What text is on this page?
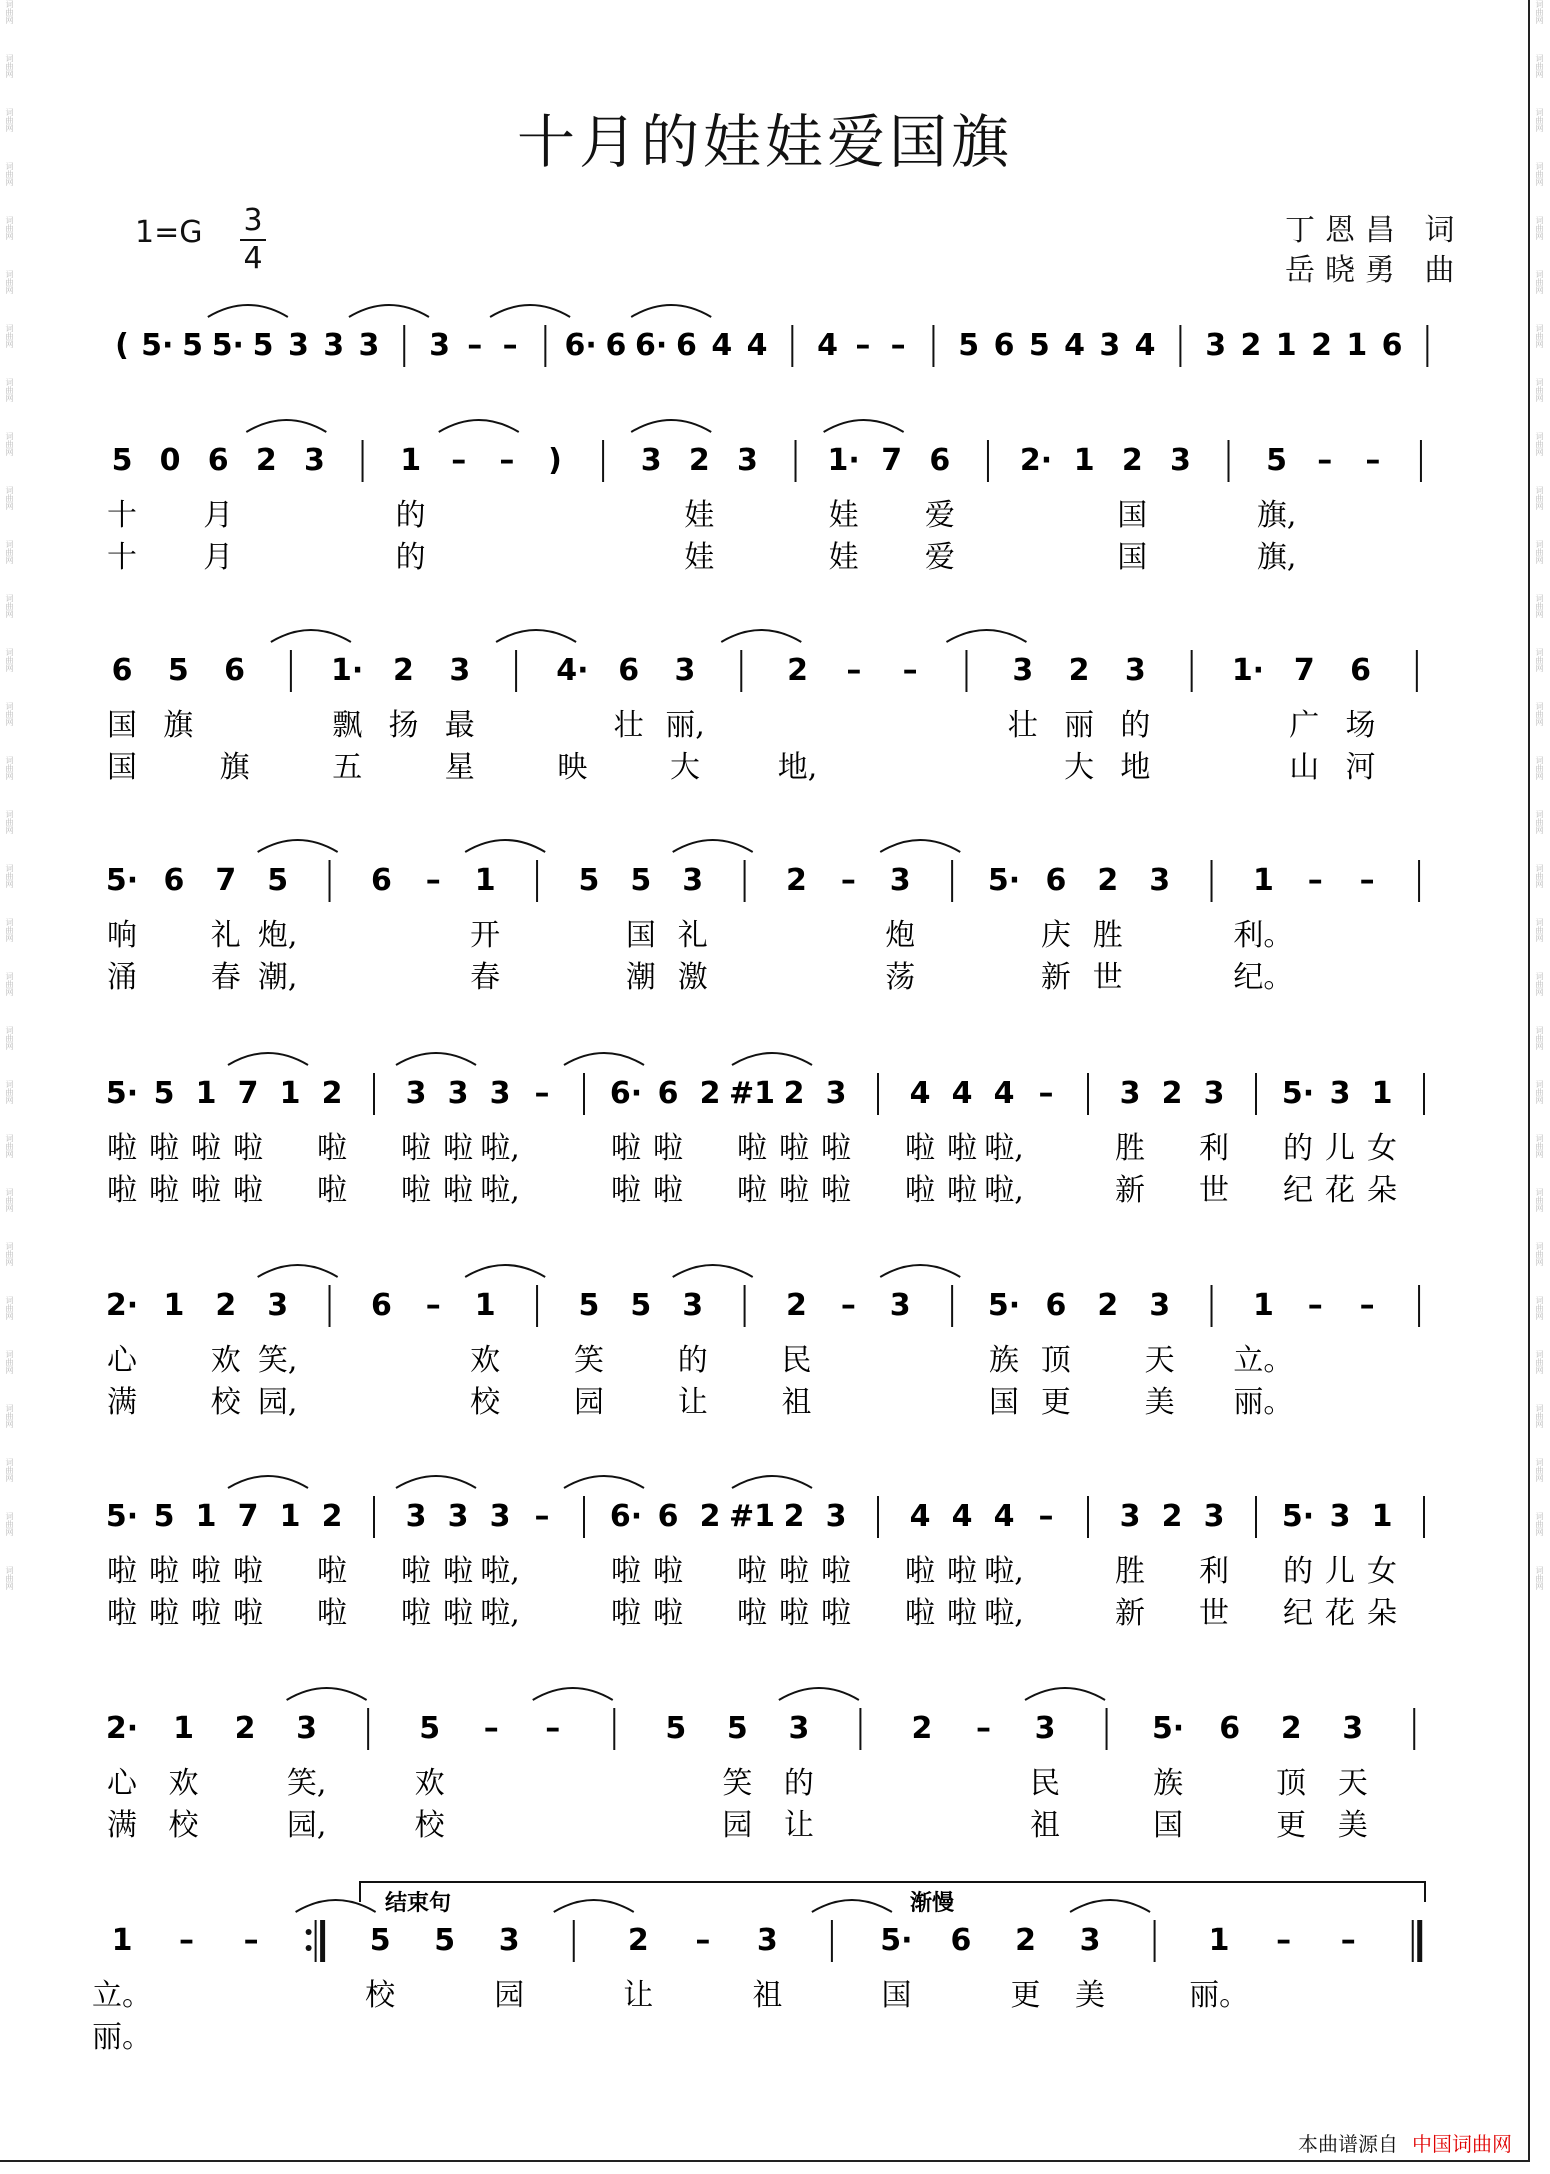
词曲网
词曲网
词曲网
词曲网
词曲网
词曲网
词曲网
词曲网
词曲网
词曲网
词曲网
词曲网
词曲网
词曲网
词曲网
词曲网
词曲网
词曲网
词曲网
词曲网
词曲网
词曲网
词曲网
词曲网
词曲网
词曲网
词曲网
词曲网
词曲网
词曲网
词曲网
词曲网
词曲网
词曲网
词曲网
词曲网
词曲网
词曲网
词曲网
词曲网
词曲网
词曲网
词曲网
词曲网
词曲网
词曲网
词曲网
词曲网
词曲网
词曲网
词曲网
词曲网
词曲网
词曲网
词曲网
词曲网
词曲网
词曲网
词曲网
词曲网
十月的娃娃爱国旗
1=G 3
4
丁恩昌 词
岳晓勇 曲
( 5· 5 5· 5 3 3 3 3 – – 6· 6 6· 6 4 4 4 – – 5 6 5 4 3 4 3 2 1 2 1 6
5 0 6 2 3	1 – – )	3 2 3 1· 7 6 2· 1 2 3	5 – –
十 月	的	娃	娃 爱	国	旗,
十 月	的	娃	娃 爱	国	旗,
6 5 6	1· 2 3	4· 6 3	2 – –	3 2 3	1· 7 6
国 旗	飘 扬 最	壮 丽,	壮 丽 的	广 场
国	旗	五	星	映	大	地,	大 地	山 河
5· 6 7 5	6 – 1	5 5 3	2 – 3	5· 6 2 3	1 – –
响 礼 炮,	开	国 礼	炮	庆 胜	利。
涌 春 潮,	春	潮 激	荡	新 世	纪。
5· 5 1 7 1 2 3 3 3 – 6· 6 2 #1 2 3 4 4 4 – 3 2 3 5· 3 1
啦 啦 啦 啦 啦 啦 啦 啦,	啦 啦 啦 啦 啦 啦 啦 啦,	胜 利 的 儿 女
啦 啦 啦 啦 啦 啦 啦 啦,	啦 啦 啦 啦 啦 啦 啦 啦,	新 世 纪 花 朵
2· 1 2 3	6 – 1	5 5 3	2 – 3	5· 6 2 3	1 – –
心 欢 笑,	欢 笑 的 民	族 顶 天 立。
满 校 园,	校 园 让 祖	国 更 美 丽。
5· 5 1 7 1 2 3 3 3 – 6· 6 2 #1 2 3 4 4 4 – 3 2 3 5· 3 1
啦 啦 啦 啦 啦 啦 啦 啦,	啦 啦 啦 啦 啦 啦 啦 啦,	胜 利 的 儿 女
啦 啦 啦 啦 啦 啦 啦 啦,	啦 啦 啦 啦 啦 啦 啦 啦,	新 世 纪 花 朵
2· 1 2 3	5 – –	5 5 3	2 – 3	5· 6 2 3
心 欢	笑,	欢	笑 的	民	族	顶 天
满 校	园,	校	园 让	祖	国	更 美
1 – –	5 5 3	2 – 3	5· 6 2 3	1 – –
立。	校	园	让	祖	国	更 美	丽。
丽。
结束句	渐慢
本曲谱源自 中国词曲网
